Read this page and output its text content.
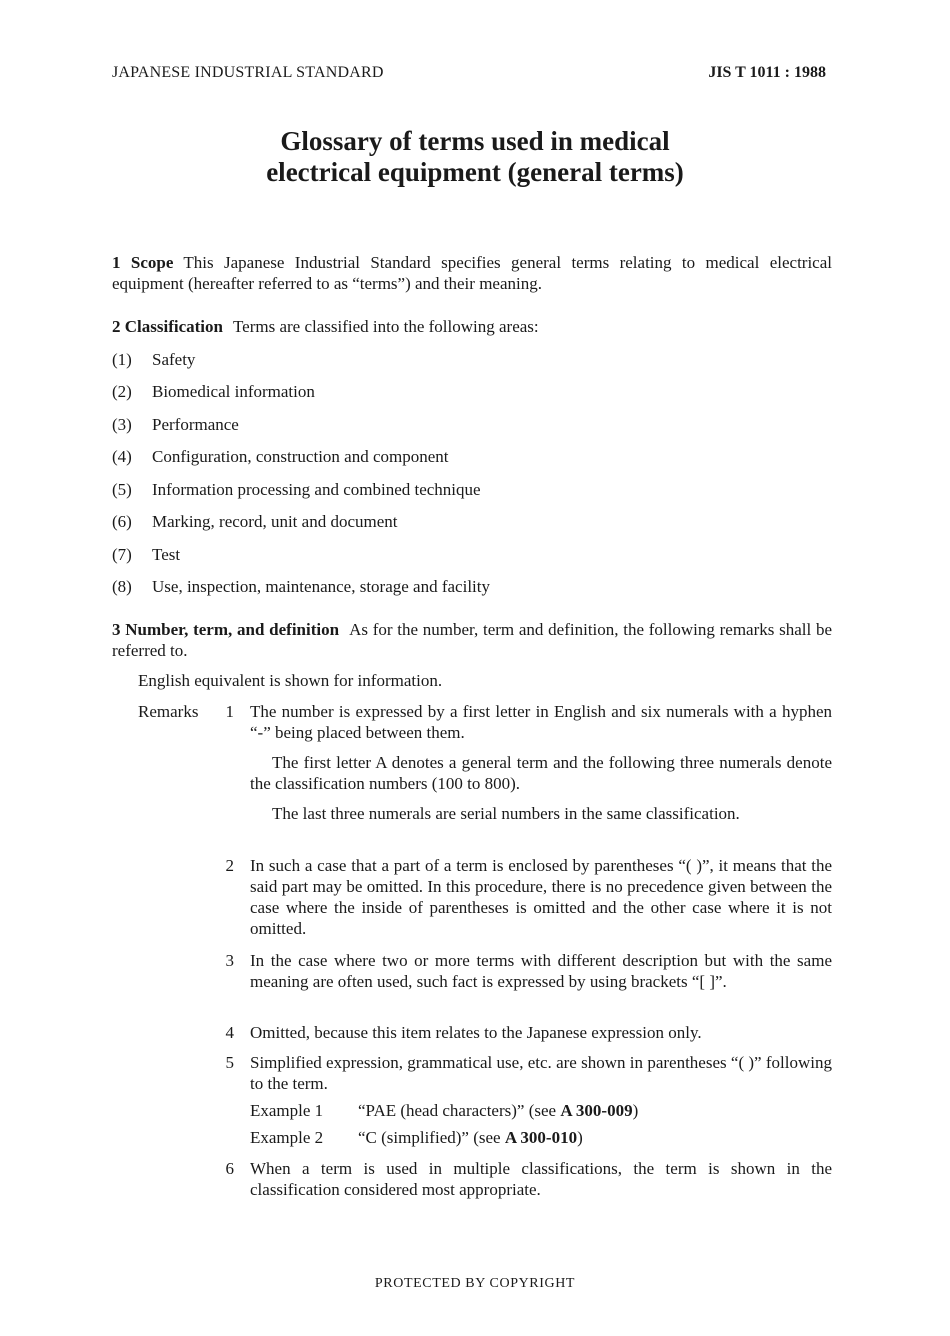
JAPANESE INDUSTRIAL STANDARD	JIS T 1011 : 1988
Glossary of terms used in medical
electrical equipment (general terms)
1 Scope This Japanese Industrial Standard specifies general terms relating to medical electrical equipment (hereafter referred to as “terms”) and their meaning.
2 Classification Terms are classified into the following areas:
(1) Safety
(2) Biomedical information
(3) Performance
(4) Configuration, construction and component
(5) Information processing and combined technique
(6) Marking, record, unit and document
(7) Test
(8) Use, inspection, maintenance, storage and facility
3 Number, term, and definition As for the number, term and definition, the following remarks shall be referred to.
English equivalent is shown for information.
Remarks	1 The number is expressed by a first letter in English and six numerals with a hyphen “-” being placed between them.
The first letter A denotes a general term and the following three numerals denote the classification numbers (100 to 800).
The last three numerals are serial numbers in the same classification.
2 In such a case that a part of a term is enclosed by parentheses “( )”, it means that the said part may be omitted. In this procedure, there is no precedence given between the case where the inside of parentheses is omitted and the other case where it is not omitted.
3 In the case where two or more terms with different description but with the same meaning are often used, such fact is expressed by using brackets “[ ]”.
4 Omitted, because this item relates to the Japanese expression only.
5 Simplified expression, grammatical use, etc. are shown in parentheses “( )” following to the term.
Example 1 “PAE (head characters)” (see A 300-009)
Example 2 “C (simplified)” (see A 300-010)
6 When a term is used in multiple classifications, the term is shown in the classification considered most appropriate.
PROTECTED BY COPYRIGHT
